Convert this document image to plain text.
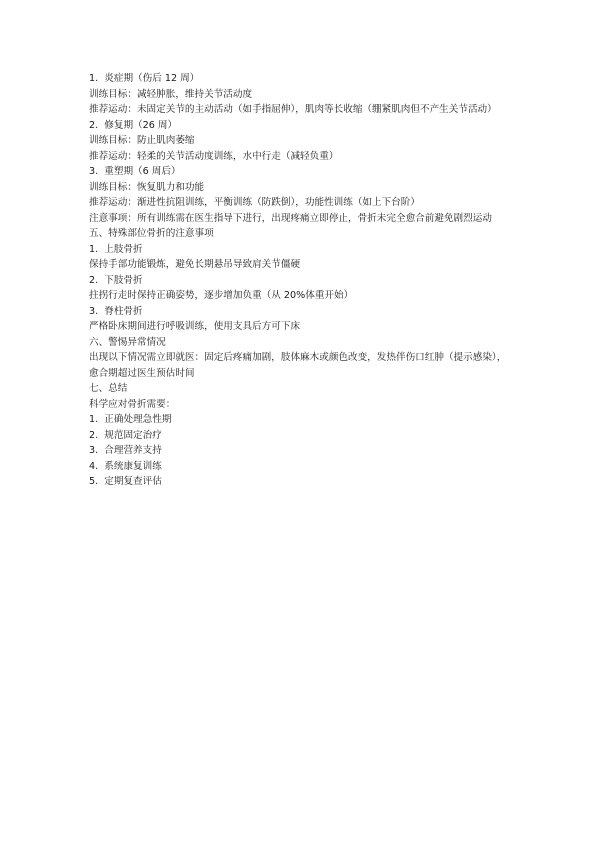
1.  炎症期（伤后 12 周）
训练目标：减轻肿胀，维持关节活动度
推荐运动：未固定关节的主动活动（如手指屈伸），肌肉等长收缩（绷紧肌肉但不产生关节活动）
2.  修复期（26 周）
训练目标：防止肌肉萎缩
推荐运动：轻柔的关节活动度训练，水中行走（减轻负重）
3.  重塑期（6 周后）
训练目标：恢复肌力和功能
推荐运动：渐进性抗阻训练，平衡训练（防跌倒），功能性训练（如上下台阶）
注意事项：所有训练需在医生指导下进行，出现疼痛立即停止，骨折未完全愈合前避免剧烈运动
五、特殊部位骨折的注意事项
1.  上肢骨折
保持手部功能锻炼，避免长期悬吊导致肩关节僵硬
2.  下肢骨折
拄拐行走时保持正确姿势，逐步增加负重（从 20%体重开始）
3.  脊柱骨折
严格卧床期间进行呼吸训练，使用支具后方可下床
六、警惕异常情况
出现以下情况需立即就医：固定后疼痛加剧，肢体麻木或颜色改变，发热伴伤口红肿（提示感染），愈合期超过医生预估时间
七、总结
科学应对骨折需要：
1.  正确处理急性期
2.  规范固定治疗
3.  合理营养支持
4.  系统康复训练
5.  定期复查评估
